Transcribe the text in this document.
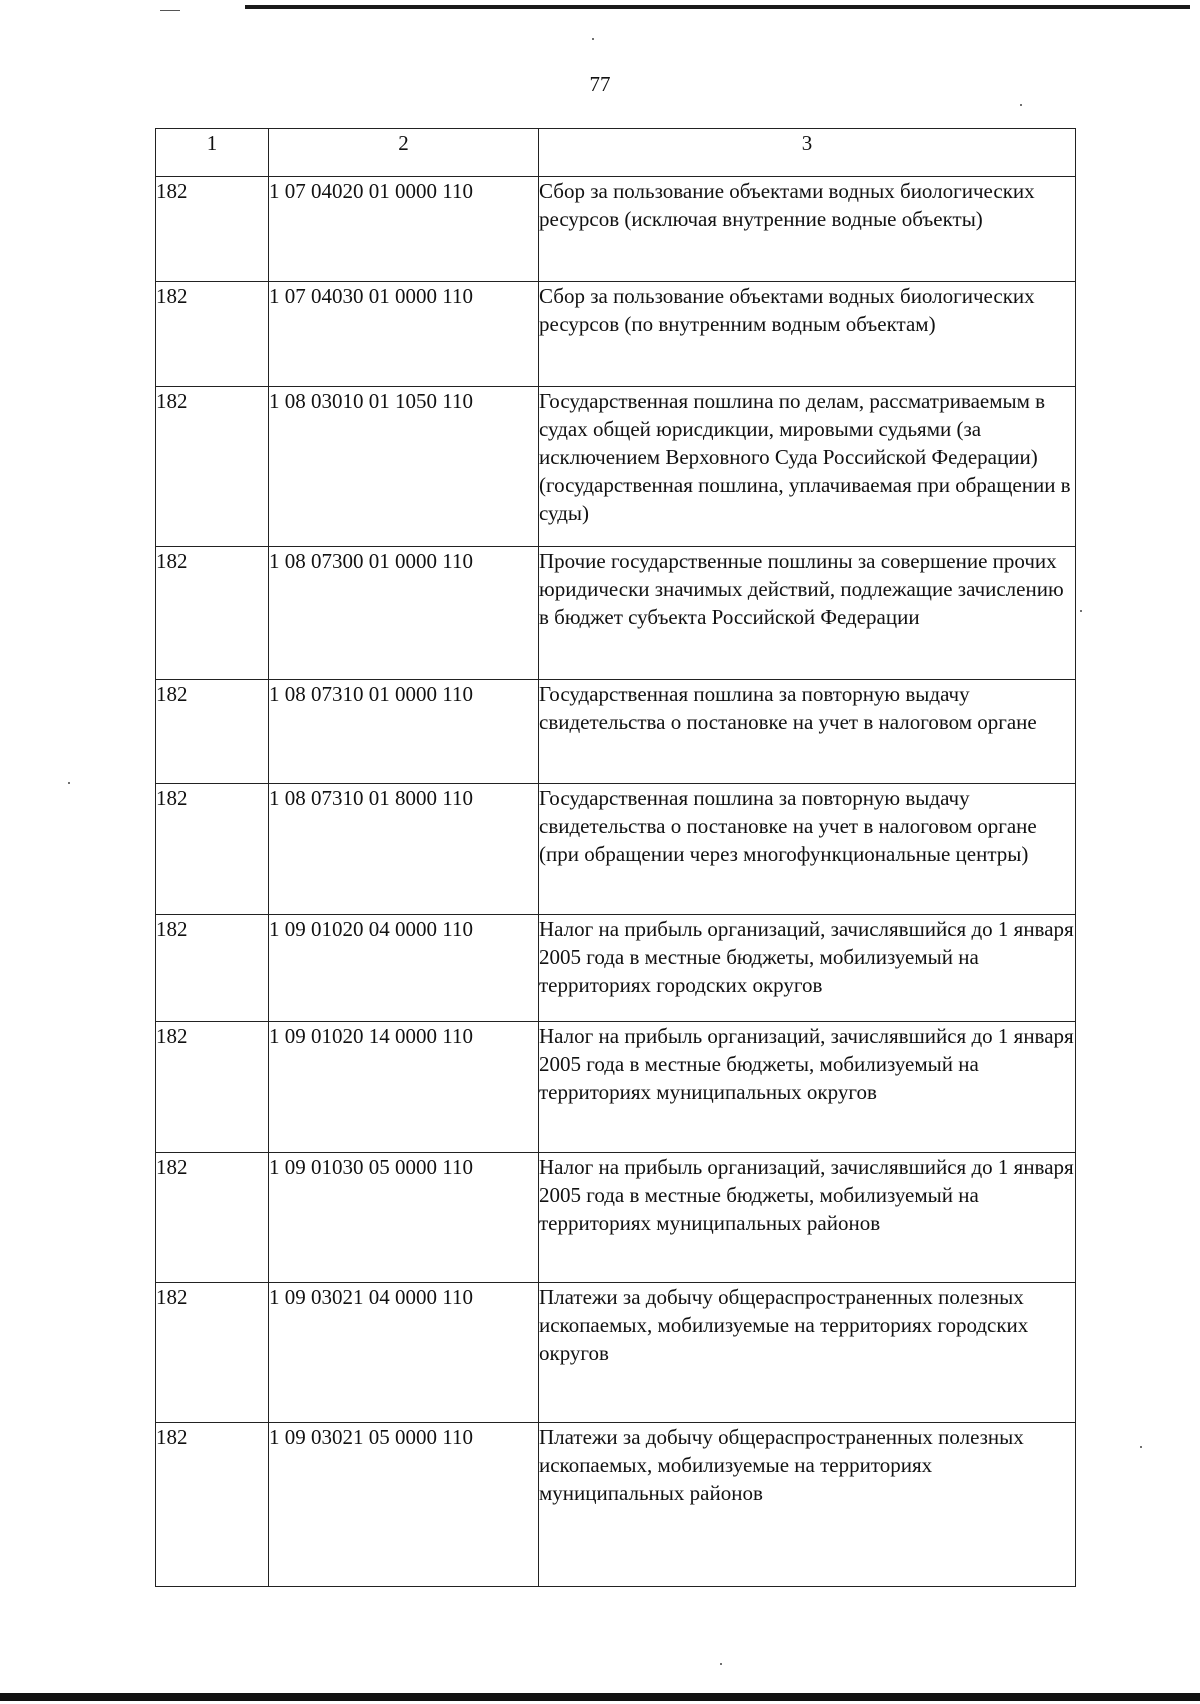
77
1	2	3
182	1 07 04020 01 0000 110	Сбор за пользование объектами водных биологических ресурсов (исключая внутренние водные объекты)
182	1 07 04030 01 0000 110	Сбор за пользование объектами водных биологических ресурсов (по внутренним водным объектам)
182	1 08 03010 01 1050 110	Государственная пошлина по делам, рассматриваемым в судах общей юрисдикции, мировыми судьями (за исключением Верховного Суда Российской Федерации) (государственная пошлина, уплачиваемая при обращении в суды)
182	1 08 07300 01 0000 110	Прочие государственные пошлины за совершение прочих юридически значимых действий, подлежащие зачислению в бюджет субъекта Российской Федерации
182	1 08 07310 01 0000 110	Государственная пошлина за повторную выдачу свидетельства о постановке на учет в налоговом органе
182	1 08 07310 01 8000 110	Государственная пошлина за повторную выдачу свидетельства о постановке на учет в налоговом органе (при обращении через многофункциональные центры)
182	1 09 01020 04 0000 110	Налог на прибыль организаций, зачислявшийся до 1 января 2005 года в местные бюджеты, мобилизуемый на территориях городских округов
182	1 09 01020 14 0000 110	Налог на прибыль организаций, зачислявшийся до 1 января 2005 года в местные бюджеты, мобилизуемый на территориях муниципальных округов
182	1 09 01030 05 0000 110	Налог на прибыль организаций, зачислявшийся до 1 января 2005 года в местные бюджеты, мобилизуемый на территориях муниципальных районов
182	1 09 03021 04 0000 110	Платежи за добычу общераспространенных полезных ископаемых, мобилизуемые на территориях городских округов
182	1 09 03021 05 0000 110	Платежи за добычу общераспространенных полезных ископаемых, мобилизуемые на территориях муниципальных районов
